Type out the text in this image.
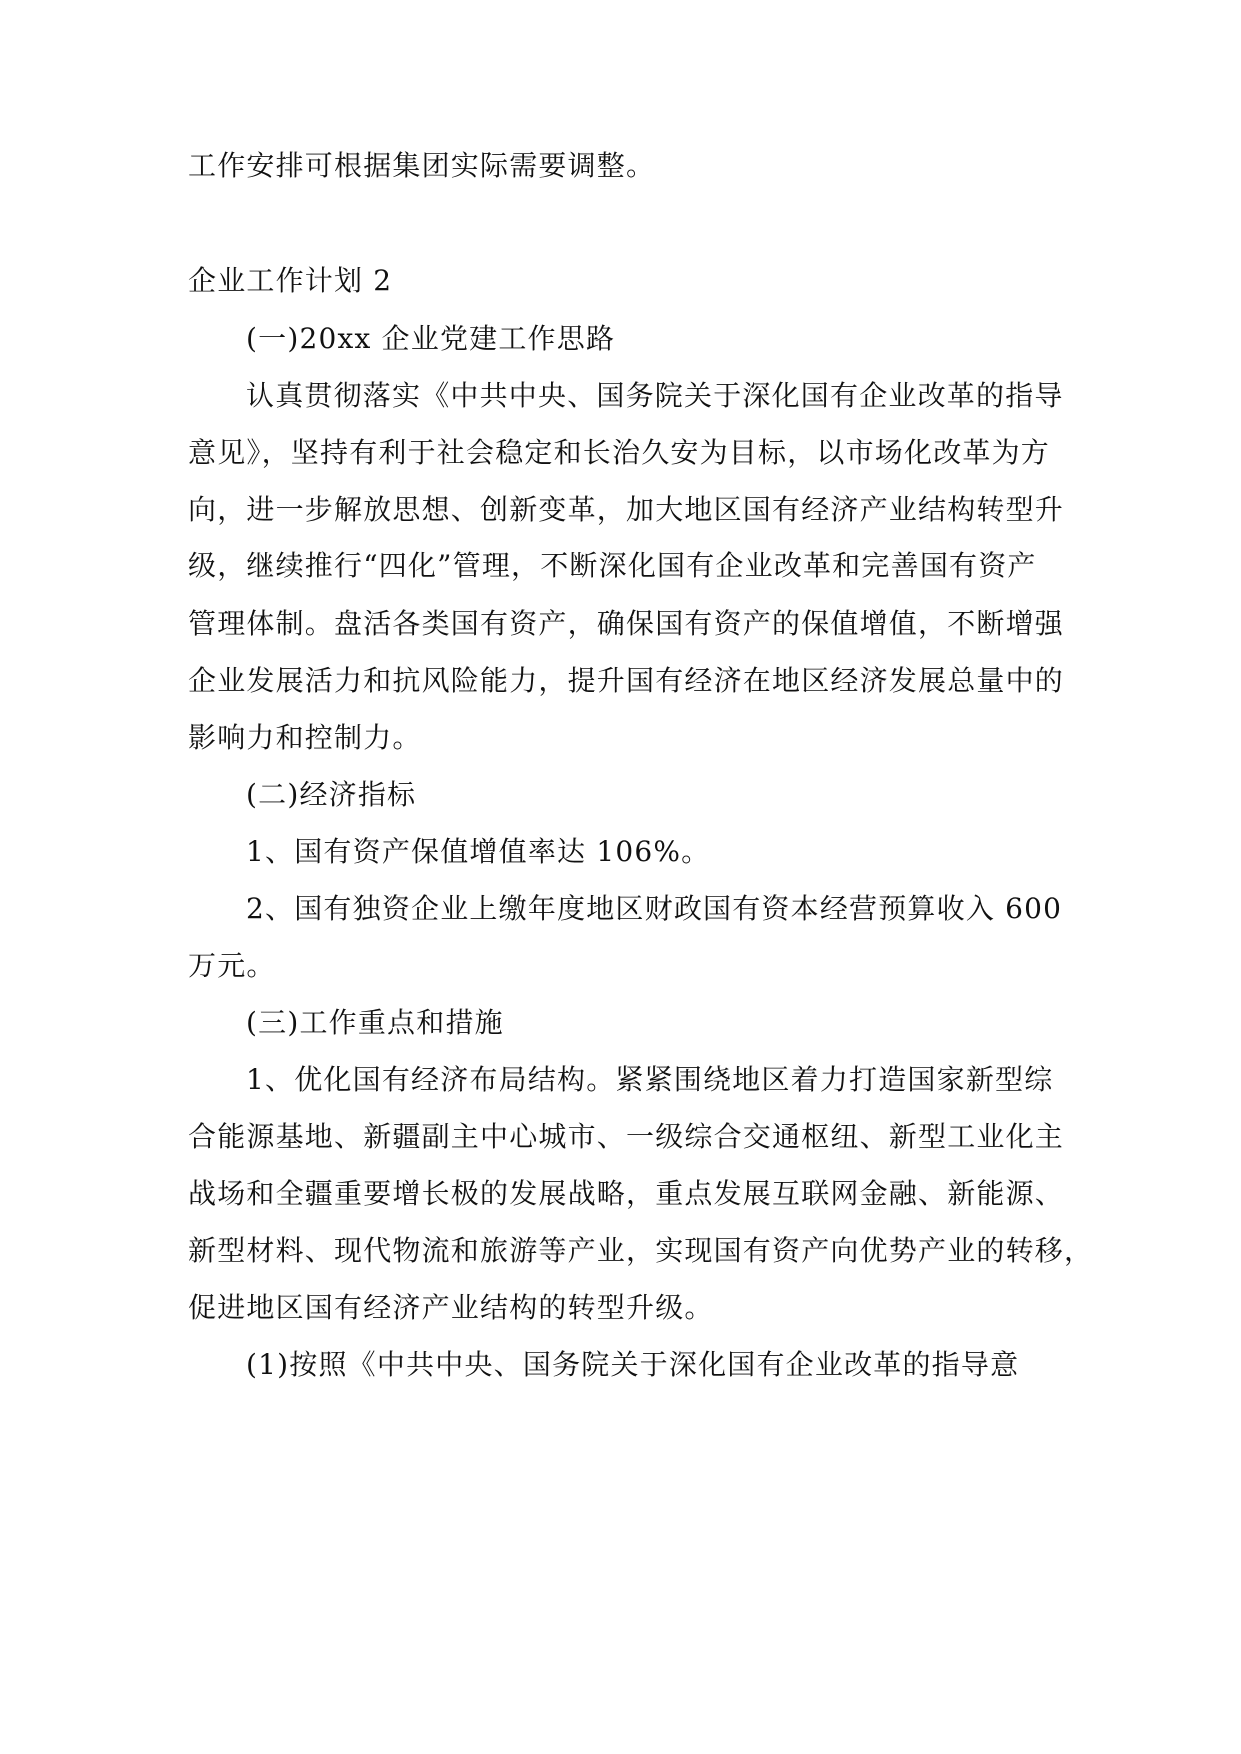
工作安排可根据集团实际需要调整。
企业工作计划 2
(一)20xx 企业党建工作思路
认真贯彻落实《中共中央、国务院关于深化国有企业改革的指导
意见》，坚持有利于社会稳定和长治久安为目标，以市场化改革为方
向，进一步解放思想、创新变革，加大地区国有经济产业结构转型升
级，继续推行“四化”管理，不断深化国有企业改革和完善国有资产
管理体制。盘活各类国有资产，确保国有资产的保值增值，不断增强
企业发展活力和抗风险能力，提升国有经济在地区经济发展总量中的
影响力和控制力。
(二)经济指标
1、国有资产保值增值率达 106%。
2、国有独资企业上缴年度地区财政国有资本经营预算收入 600
万元。
(三)工作重点和措施
1、优化国有经济布局结构。紧紧围绕地区着力打造国家新型综
合能源基地、新疆副主中心城市、一级综合交通枢纽、新型工业化主
战场和全疆重要增长极的发展战略，重点发展互联网金融、新能源、
新型材料、现代物流和旅游等产业，实现国有资产向优势产业的转移，
促进地区国有经济产业结构的转型升级。
(1)按照《中共中央、国务院关于深化国有企业改革的指导意
